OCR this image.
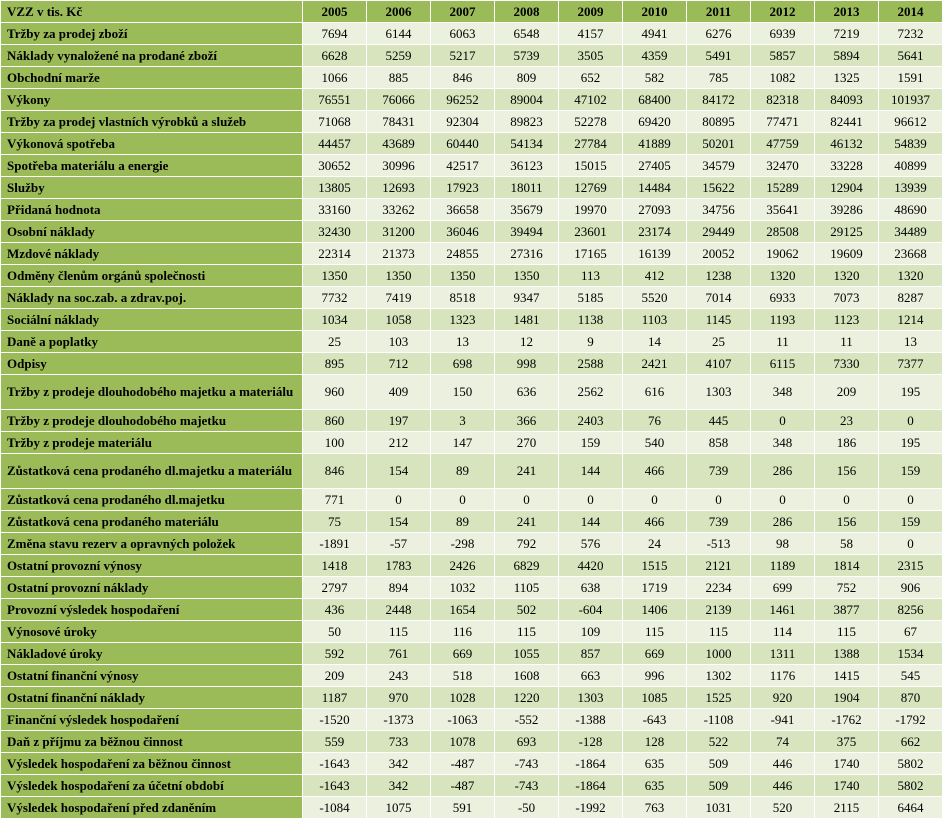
VZZ v tis. Kč	2005	2006	2007	2008	2009	2010	2011	2012	2013	2014
Tržby za prodej zboží	7694	6144	6063	6548	4157	4941	6276	6939	7219	7232
Náklady vynaložené na prodané zboží	6628	5259	5217	5739	3505	4359	5491	5857	5894	5641
Obchodní marže	1066	885	846	809	652	582	785	1082	1325	1591
Výkony	76551	76066	96252	89004	47102	68400	84172	82318	84093	101937
Tržby za prodej vlastních výrobků a služeb	71068	78431	92304	89823	52278	69420	80895	77471	82441	96612
Výkonová spotřeba	44457	43689	60440	54134	27784	41889	50201	47759	46132	54839
Spotřeba materiálu a energie	30652	30996	42517	36123	15015	27405	34579	32470	33228	40899
Služby	13805	12693	17923	18011	12769	14484	15622	15289	12904	13939
Přidaná hodnota	33160	33262	36658	35679	19970	27093	34756	35641	39286	48690
Osobní náklady	32430	31200	36046	39494	23601	23174	29449	28508	29125	34489
Mzdové náklady	22314	21373	24855	27316	17165	16139	20052	19062	19609	23668
Odměny členům orgánů společnosti	1350	1350	1350	1350	113	412	1238	1320	1320	1320
Náklady na soc.zab. a zdrav.poj.	7732	7419	8518	9347	5185	5520	7014	6933	7073	8287
Sociální náklady	1034	1058	1323	1481	1138	1103	1145	1193	1123	1214
Daně a poplatky	25	103	13	12	9	14	25	11	11	13
Odpisy	895	712	698	998	2588	2421	4107	6115	7330	7377
Tržby z prodeje dlouhodobého majetku a materiálu	960	409	150	636	2562	616	1303	348	209	195
Tržby z prodeje dlouhodobého majetku	860	197	3	366	2403	76	445	0	23	0
Tržby z prodeje materiálu	100	212	147	270	159	540	858	348	186	195
Zůstatková cena prodaného dl.majetku a materiálu	846	154	89	241	144	466	739	286	156	159
Zůstatková cena prodaného dl.majetku	771	0	0	0	0	0	0	0	0	0
Zůstatková cena prodaného materiálu	75	154	89	241	144	466	739	286	156	159
Změna stavu rezerv a opravných položek	-1891	-57	-298	792	576	24	-513	98	58	0
Ostatní provozní výnosy	1418	1783	2426	6829	4420	1515	2121	1189	1814	2315
Ostatní provozní náklady	2797	894	1032	1105	638	1719	2234	699	752	906
Provozní výsledek hospodaření	436	2448	1654	502	-604	1406	2139	1461	3877	8256
Výnosové úroky	50	115	116	115	109	115	115	114	115	67
Nákladové úroky	592	761	669	1055	857	669	1000	1311	1388	1534
Ostatní finanční výnosy	209	243	518	1608	663	996	1302	1176	1415	545
Ostatní finanční náklady	1187	970	1028	1220	1303	1085	1525	920	1904	870
Finanční výsledek hospodaření	-1520	-1373	-1063	-552	-1388	-643	-1108	-941	-1762	-1792
Daň z příjmu za běžnou činnost	559	733	1078	693	-128	128	522	74	375	662
Výsledek hospodaření za běžnou činnost	-1643	342	-487	-743	-1864	635	509	446	1740	5802
Výsledek hospodaření za účetní období	-1643	342	-487	-743	-1864	635	509	446	1740	5802
Výsledek hospodaření před zdaněním	-1084	1075	591	-50	-1992	763	1031	520	2115	6464
